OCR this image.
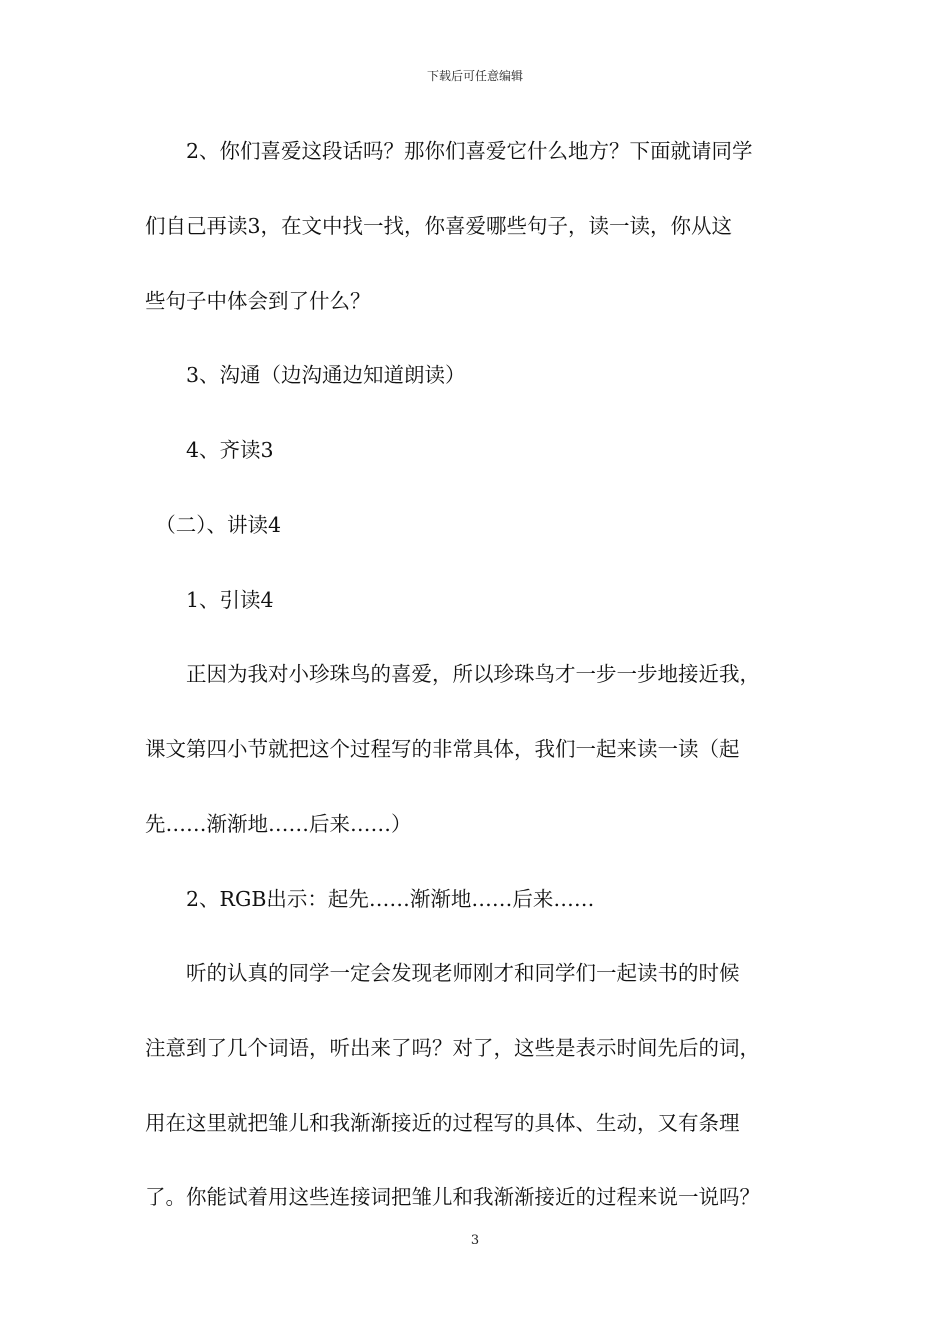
下载后可任意编辑
　　2、你们喜爱这段话吗？那你们喜爱它什么地方？下面就请同学
们自己再读3，在文中找一找，你喜爱哪些句子，读一读，你从这
些句子中体会到了什么？
　　3、沟通（边沟通边知道朗读）
　　4、齐读3
　（二）、讲读4
　　1、引读4
　　正因为我对小珍珠鸟的喜爱，所以珍珠鸟才一步一步地接近我，
课文第四小节就把这个过程写的非常具体，我们一起来读一读（起
先……渐渐地……后来……）
　　2、RGB出示：起先……渐渐地……后来……
　　听的认真的同学一定会发现老师刚才和同学们一起读书的时候
注意到了几个词语，听出来了吗？对了，这些是表示时间先后的词，
用在这里就把雏儿和我渐渐接近的过程写的具体、生动，又有条理
了。你能试着用这些连接词把雏儿和我渐渐接近的过程来说一说吗？
3
